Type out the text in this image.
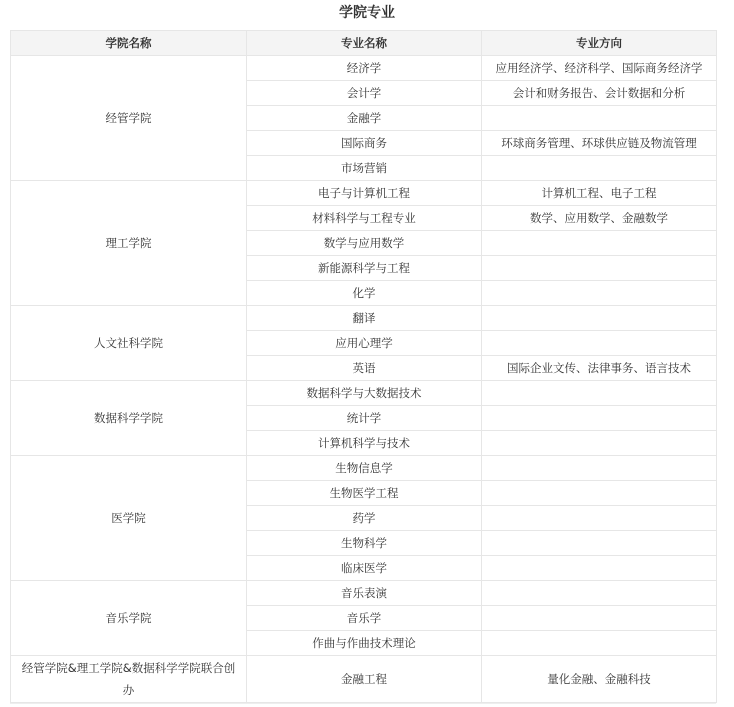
学院专业
学院名称	专业名称	专业方向
经管学院	经济学	应用经济学、经济科学、国际商务经济学
	会计学	会计和财务报告、会计数据和分析
	金融学	
	国际商务	环球商务管理、环球供应链及物流管理
	市场营销	
理工学院	电子与计算机工程	计算机工程、电子工程
	材料科学与工程专业	数学、应用数学、金融数学
	数学与应用数学	
	新能源科学与工程	
	化学	
人文社科学院	翻译	
	应用心理学	
	英语	国际企业文传、法律事务、语言技术
数据科学学院	数据科学与大数据技术	
	统计学	
	计算机科学与技术	
医学院	生物信息学	
	生物医学工程	
	药学	
	生物科学	
	临床医学	
音乐学院	音乐表演	
	音乐学	
	作曲与作曲技术理论	
经管学院&理工学院&数据科学学院联合创办	金融工程	量化金融、金融科技
